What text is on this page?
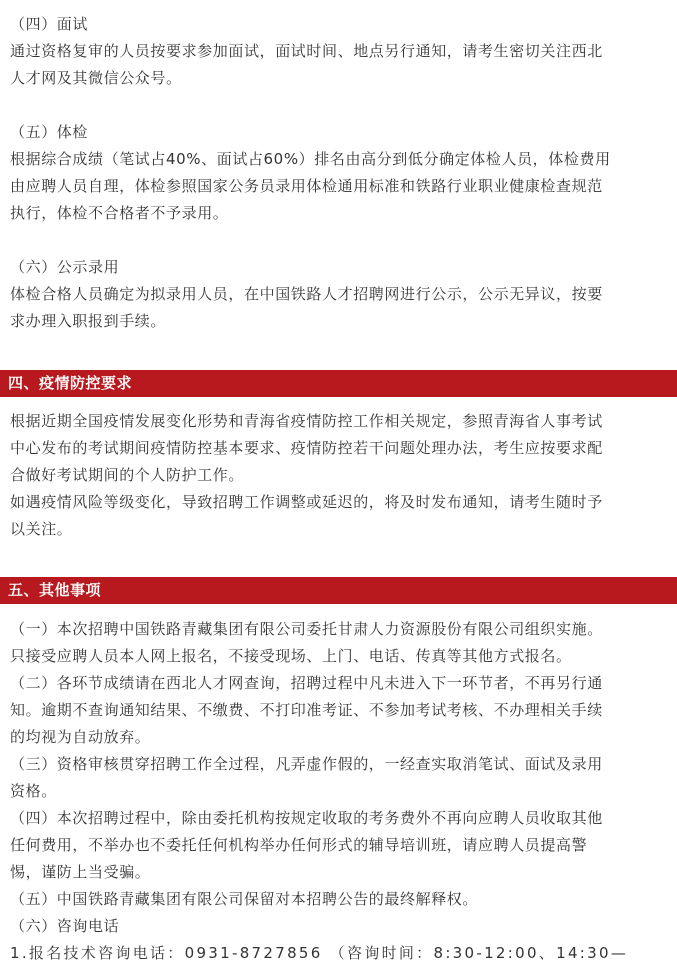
（四）面试

通过资格复审的人员按要求参加面试，面试时间、地点另行通知，请考生密切关注西北

人才网及其微信公众号。

（五）体检

根据综合成绩（笔试占40%、面试占60%）排名由高分到低分确定体检人员，体检费用

由应聘人员自理，体检参照国家公务员录用体检通用标准和铁路行业职业健康检查规范

执行，体检不合格者不予录用。

（六）公示录用

体检合格人员确定为拟录用人员，在中国铁路人才招聘网进行公示，公示无异议，按要

求办理入职报到手续。

四、疫情防控要求

根据近期全国疫情发展变化形势和青海省疫情防控工作相关规定，参照青海省人事考试

中心发布的考试期间疫情防控基本要求、疫情防控若干问题处理办法，考生应按要求配

合做好考试期间的个人防护工作。

如遇疫情风险等级变化，导致招聘工作调整或延迟的，将及时发布通知，请考生随时予

以关注。

五、其他事项

（一）本次招聘中国铁路青藏集团有限公司委托甘肃人力资源股份有限公司组织实施。

只接受应聘人员本人网上报名，不接受现场、上门、电话、传真等其他方式报名。

（二）各环节成绩请在西北人才网查询，招聘过程中凡未进入下一环节者，不再另行通

知。逾期不查询通知结果、不缴费、不打印准考证、不参加考试考核、不办理相关手续

的均视为自动放弃。

（三）资格审核贯穿招聘工作全过程，凡弄虚作假的，一经查实取消笔试、面试及录用

资格。

（四）本次招聘过程中，除由委托机构按规定收取的考务费外不再向应聘人员收取其他

任何费用，不举办也不委托任何机构举办任何形式的辅导培训班，请应聘人员提高警

惕，谨防上当受骗。

（五）中国铁路青藏集团有限公司保留对本招聘公告的最终解释权。

（六）咨询电话

1.报名技术咨询电话：0931-8727856 （咨询时间：8:30-12:00、14:30—
